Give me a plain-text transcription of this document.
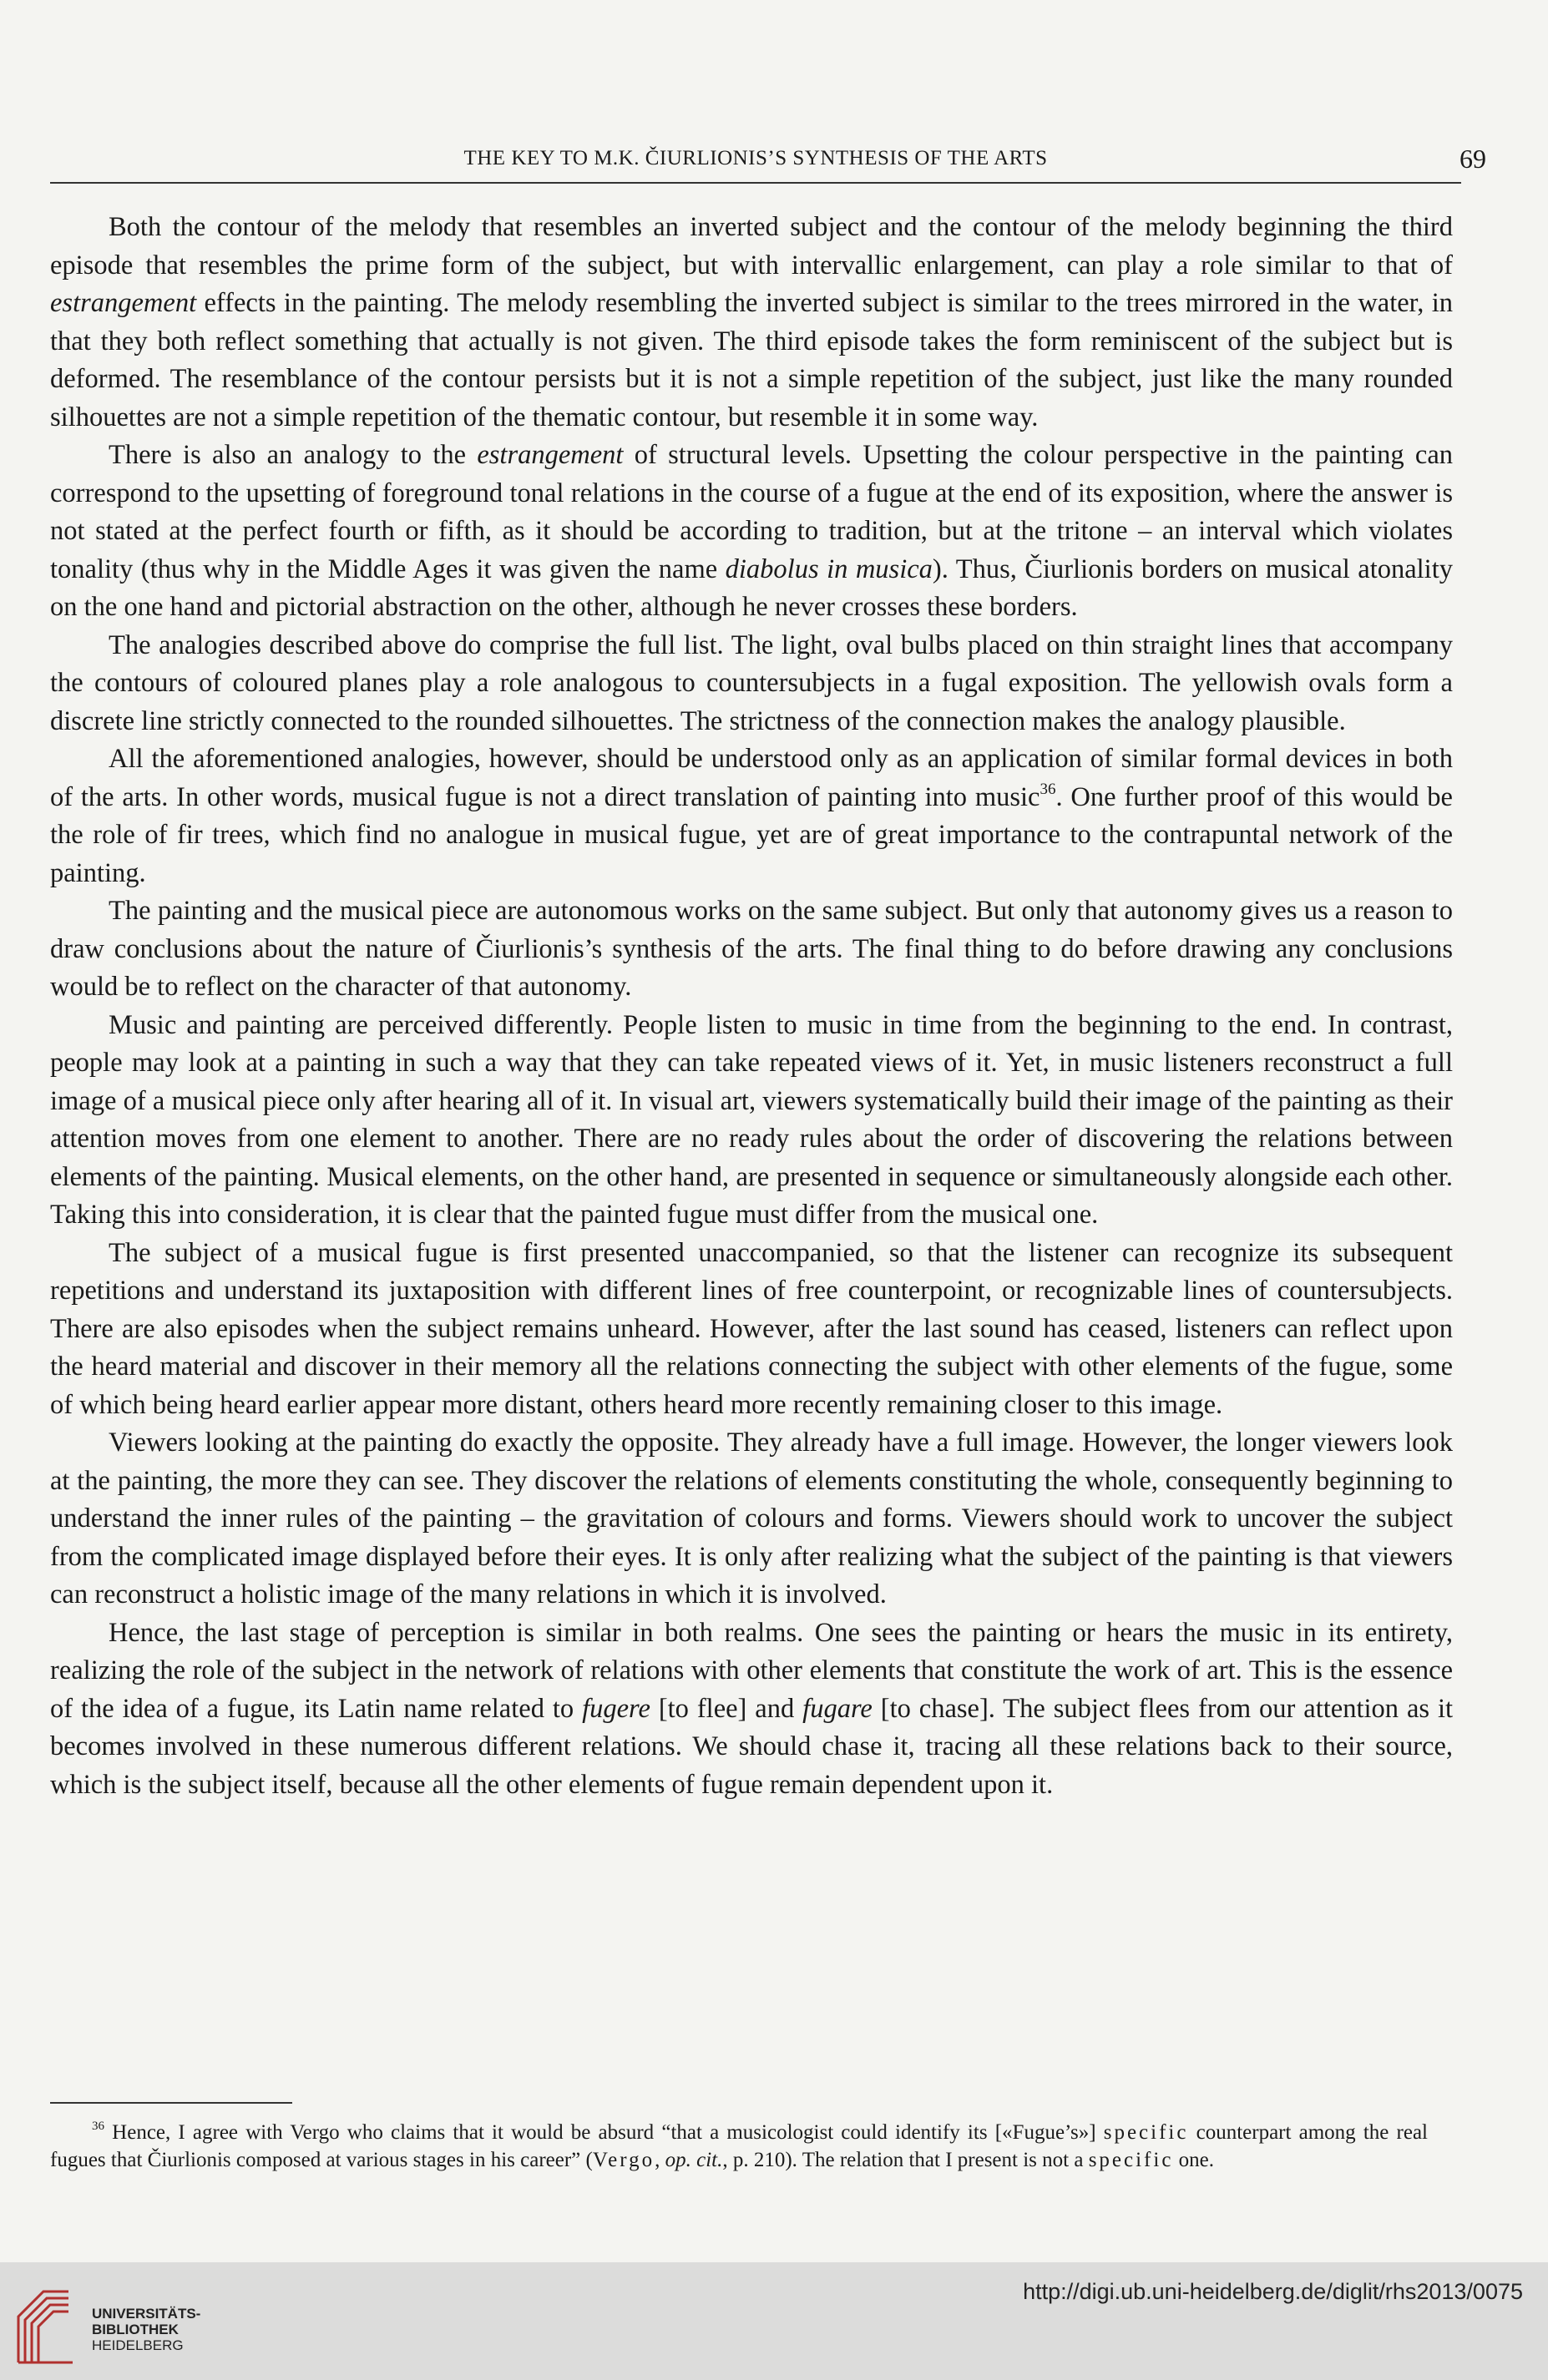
THE KEY TO M.K. ČIURLIONIS’S SYNTHESIS OF THE ARTS	69

Both the contour of the melody that resembles an inverted subject and the contour of the melody beginning the third episode that resembles the prime form of the subject, but with intervallic enlargement, can play a role similar to that of estrangement effects in the painting. The melody resembling the inverted subject is similar to the trees mirrored in the water, in that they both reflect something that actually is not given. The third episode takes the form reminiscent of the subject but is deformed. The resemblance of the contour persists but it is not a simple repetition of the subject, just like the many rounded silhouettes are not a simple repetition of the thematic contour, but resemble it in some way.

There is also an analogy to the estrangement of structural levels. Upsetting the colour perspective in the painting can correspond to the upsetting of foreground tonal relations in the course of a fugue at the end of its exposition, where the answer is not stated at the perfect fourth or fifth, as it should be according to tradition, but at the tritone – an interval which violates tonality (thus why in the Middle Ages it was given the name diabolus in musica). Thus, Čiurlionis borders on musical atonality on the one hand and pictorial abstraction on the other, although he never crosses these borders.

The analogies described above do comprise the full list. The light, oval bulbs placed on thin straight lines that accompany the contours of coloured planes play a role analogous to countersubjects in a fugal exposition. The yellowish ovals form a discrete line strictly connected to the rounded silhouettes. The strictness of the connection makes the analogy plausible.

All the aforementioned analogies, however, should be understood only as an application of similar formal devices in both of the arts. In other words, musical fugue is not a direct translation of painting into music$^{36}$. One further proof of this would be the role of fir trees, which find no analogue in musical fugue, yet are of great importance to the contrapuntal network of the painting.

The painting and the musical piece are autonomous works on the same subject. But only that autonomy gives us a reason to draw conclusions about the nature of Čiurlionis’s synthesis of the arts. The final thing to do before drawing any conclusions would be to reflect on the character of that autonomy.

Music and painting are perceived differently. People listen to music in time from the beginning to the end. In contrast, people may look at a painting in such a way that they can take repeated views of it. Yet, in music listeners reconstruct a full image of a musical piece only after hearing all of it. In visual art, viewers systematically build their image of the painting as their attention moves from one element to another. There are no ready rules about the order of discovering the relations between elements of the painting. Musical elements, on the other hand, are presented in sequence or simultaneously alongside each other. Taking this into consideration, it is clear that the painted fugue must differ from the musical one.

The subject of a musical fugue is first presented unaccompanied, so that the listener can recognize its subsequent repetitions and understand its juxtaposition with different lines of free counterpoint, or recognizable lines of countersubjects. There are also episodes when the subject remains unheard. However, after the last sound has ceased, listeners can reflect upon the heard material and discover in their memory all the relations connecting the subject with other elements of the fugue, some of which being heard earlier appear more distant, others heard more recently remaining closer to this image.

Viewers looking at the painting do exactly the opposite. They already have a full image. However, the longer viewers look at the painting, the more they can see. They discover the relations of elements constituting the whole, consequently beginning to understand the inner rules of the painting – the gravitation of colours and forms. Viewers should work to uncover the subject from the complicated image displayed before their eyes. It is only after realizing what the subject of the painting is that viewers can reconstruct a holistic image of the many relations in which it is involved.

Hence, the last stage of perception is similar in both realms. One sees the painting or hears the music in its entirety, realizing the role of the subject in the network of relations with other elements that constitute the work of art. This is the essence of the idea of a fugue, its Latin name related to fugere [to flee] and fugare [to chase]. The subject flees from our attention as it becomes involved in these numerous different relations. We should chase it, tracing all these relations back to their source, which is the subject itself, because all the other elements of fugue remain dependent upon it.

$^{36}$ Hence, I agree with Vergo who claims that it would be absurd “that a musicologist could identify its [«Fugue’s»] specific counterpart among the real fugues that Čiurlionis composed at various stages in his career” (Vergo, op. cit., p. 210). The relation that I present is not a specific one.
UNIVERSITÄTS-
BIBLIOTHEK
HEIDELBERG
http://digi.ub.uni-heidelberg.de/diglit/rhs2013/0075
